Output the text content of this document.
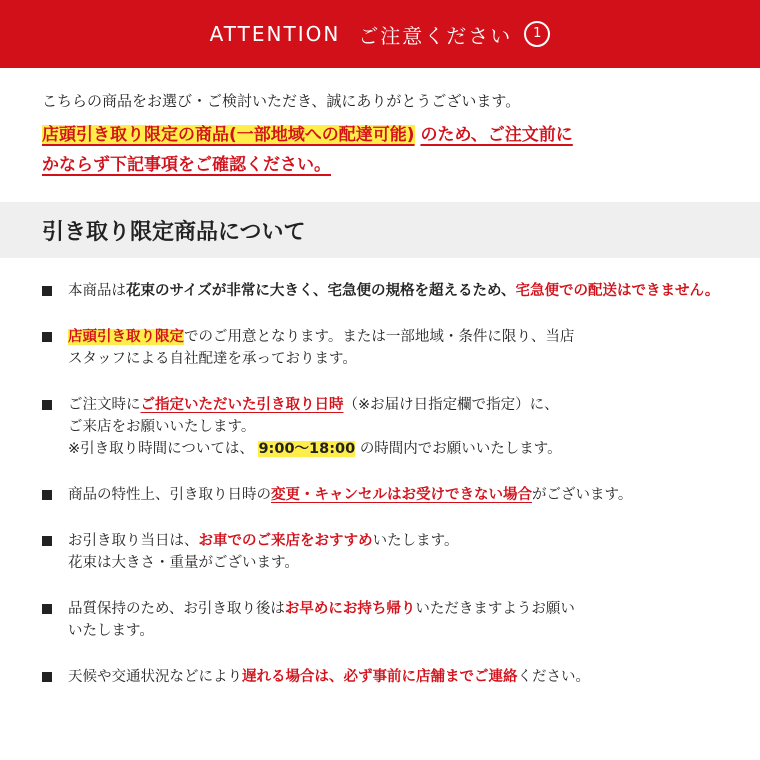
ATTENTION ご注意ください	1
こちらの商品をお選び・ご検討いただき、誠にありがとうございます。
店頭引き取り限定の商品(一部地域への配達可能) のため、ご注文前に
かならず下記事項をご確認ください。
引き取り限定商品について
本商品は花束のサイズが非常に大きく、宅急便の規格を超えるため、宅急便での配送はできません。
店頭引き取り限定でのご用意となります。または一部地域・条件に限り、当店
スタッフによる自社配達を承っております。
ご注文時にご指定いただいた引き取り日時（※お届け日指定欄で指定）に、
ご来店をお願いいたします。
※引き取り時間については、 9:00〜18:00 の時間内でお願いいたします。
商品の特性上、引き取り日時の変更・キャンセルはお受けできない場合がございます。
お引き取り当日は、お車でのご来店をおすすめいたします。
花束は大きさ・重量がございます。
品質保持のため、お引き取り後はお早めにお持ち帰りいただきますようお願い
いたします。
天候や交通状況などにより遅れる場合は、必ず事前に店舗までご連絡ください。
